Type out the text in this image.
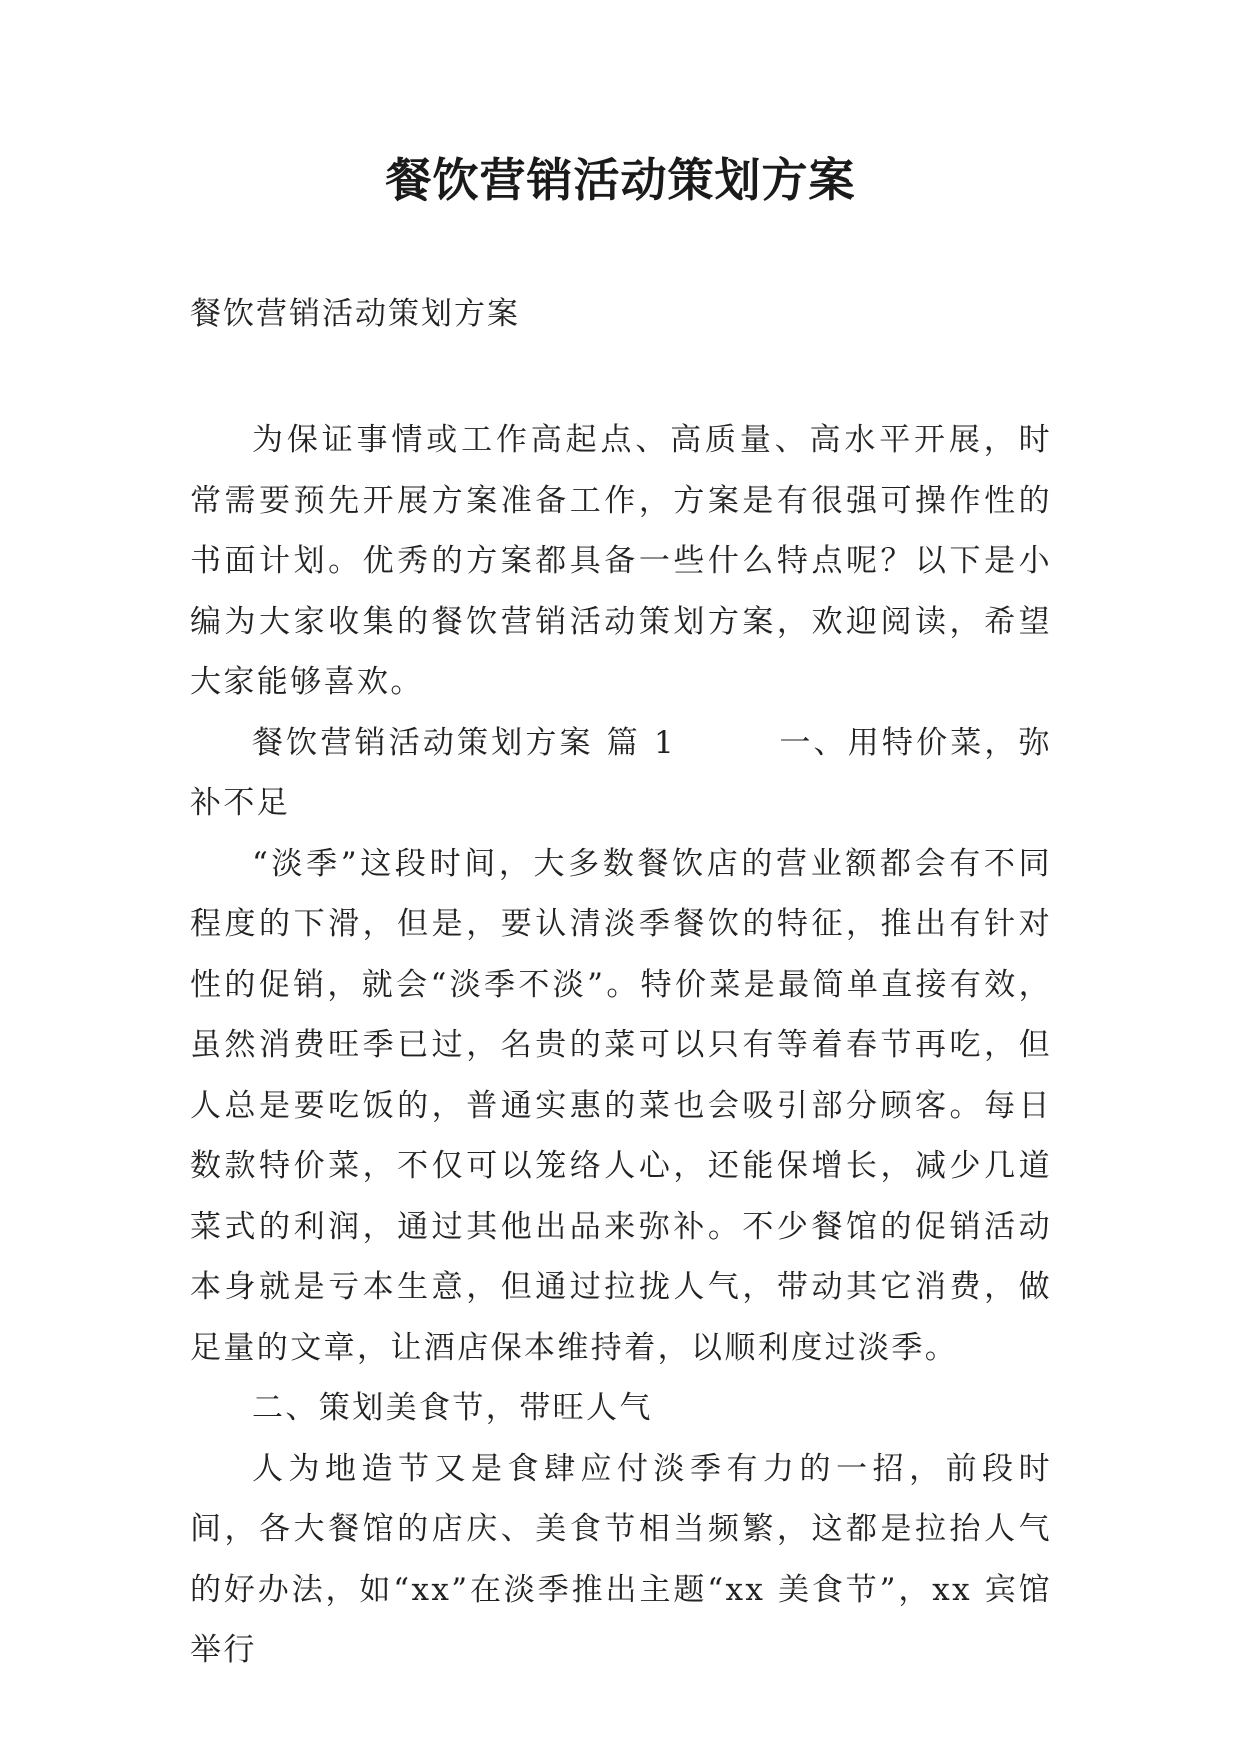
餐饮营销活动策划方案
餐饮营销活动策划方案

为保证事情或工作高起点、高质量、高水平开展，时常需要预先开展方案准备工作，方案是有很强可操作性的书面计划。优秀的方案都具备一些什么特点呢？以下是小编为大家收集的餐饮营销活动策划方案，欢迎阅读，希望大家能够喜欢。

餐饮营销活动策划方案 篇 1　　　一、用特价菜，弥补不足

“淡季”这段时间，大多数餐饮店的营业额都会有不同程度的下滑，但是，要认清淡季餐饮的特征，推出有针对性的促销，就会“淡季不淡”。特价菜是最简单直接有效，虽然消费旺季已过，名贵的菜可以只有等着春节再吃，但人总是要吃饭的，普通实惠的菜也会吸引部分顾客。每日数款特价菜，不仅可以笼络人心，还能保增长，减少几道菜式的利润，通过其他出品来弥补。不少餐馆的促销活动本身就是亏本生意，但通过拉拢人气，带动其它消费，做足量的文章，让酒店保本维持着，以顺利度过淡季。

二、策划美食节，带旺人气

人为地造节又是食肆应付淡季有力的一招，前段时间，各大餐馆的店庆、美食节相当频繁，这都是拉抬人气的好办法，如“xx”在淡季推出主题“xx 美食节”，xx 宾馆举行
